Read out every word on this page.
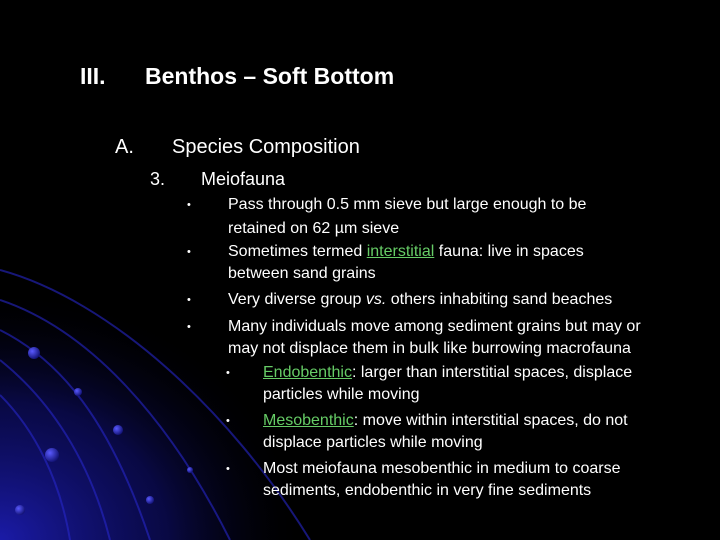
III. Benthos – Soft Bottom
A. Species Composition
3. Meiofauna
• Pass through 0.5 mm sieve but large enough to be
retained on 62 µm sieve
• Sometimes termed interstitial fauna: live in spaces
between sand grains
• Very diverse group vs. others inhabiting sand beaches
• Many individuals move among sediment grains but may or
may not displace them in bulk like burrowing macrofauna
• Endobenthic: larger than interstitial spaces, displace
particles while moving
• Mesobenthic: move within interstitial spaces, do not
displace particles while moving
• Most meiofauna mesobenthic in medium to coarse
sediments, endobenthic in very fine sediments
